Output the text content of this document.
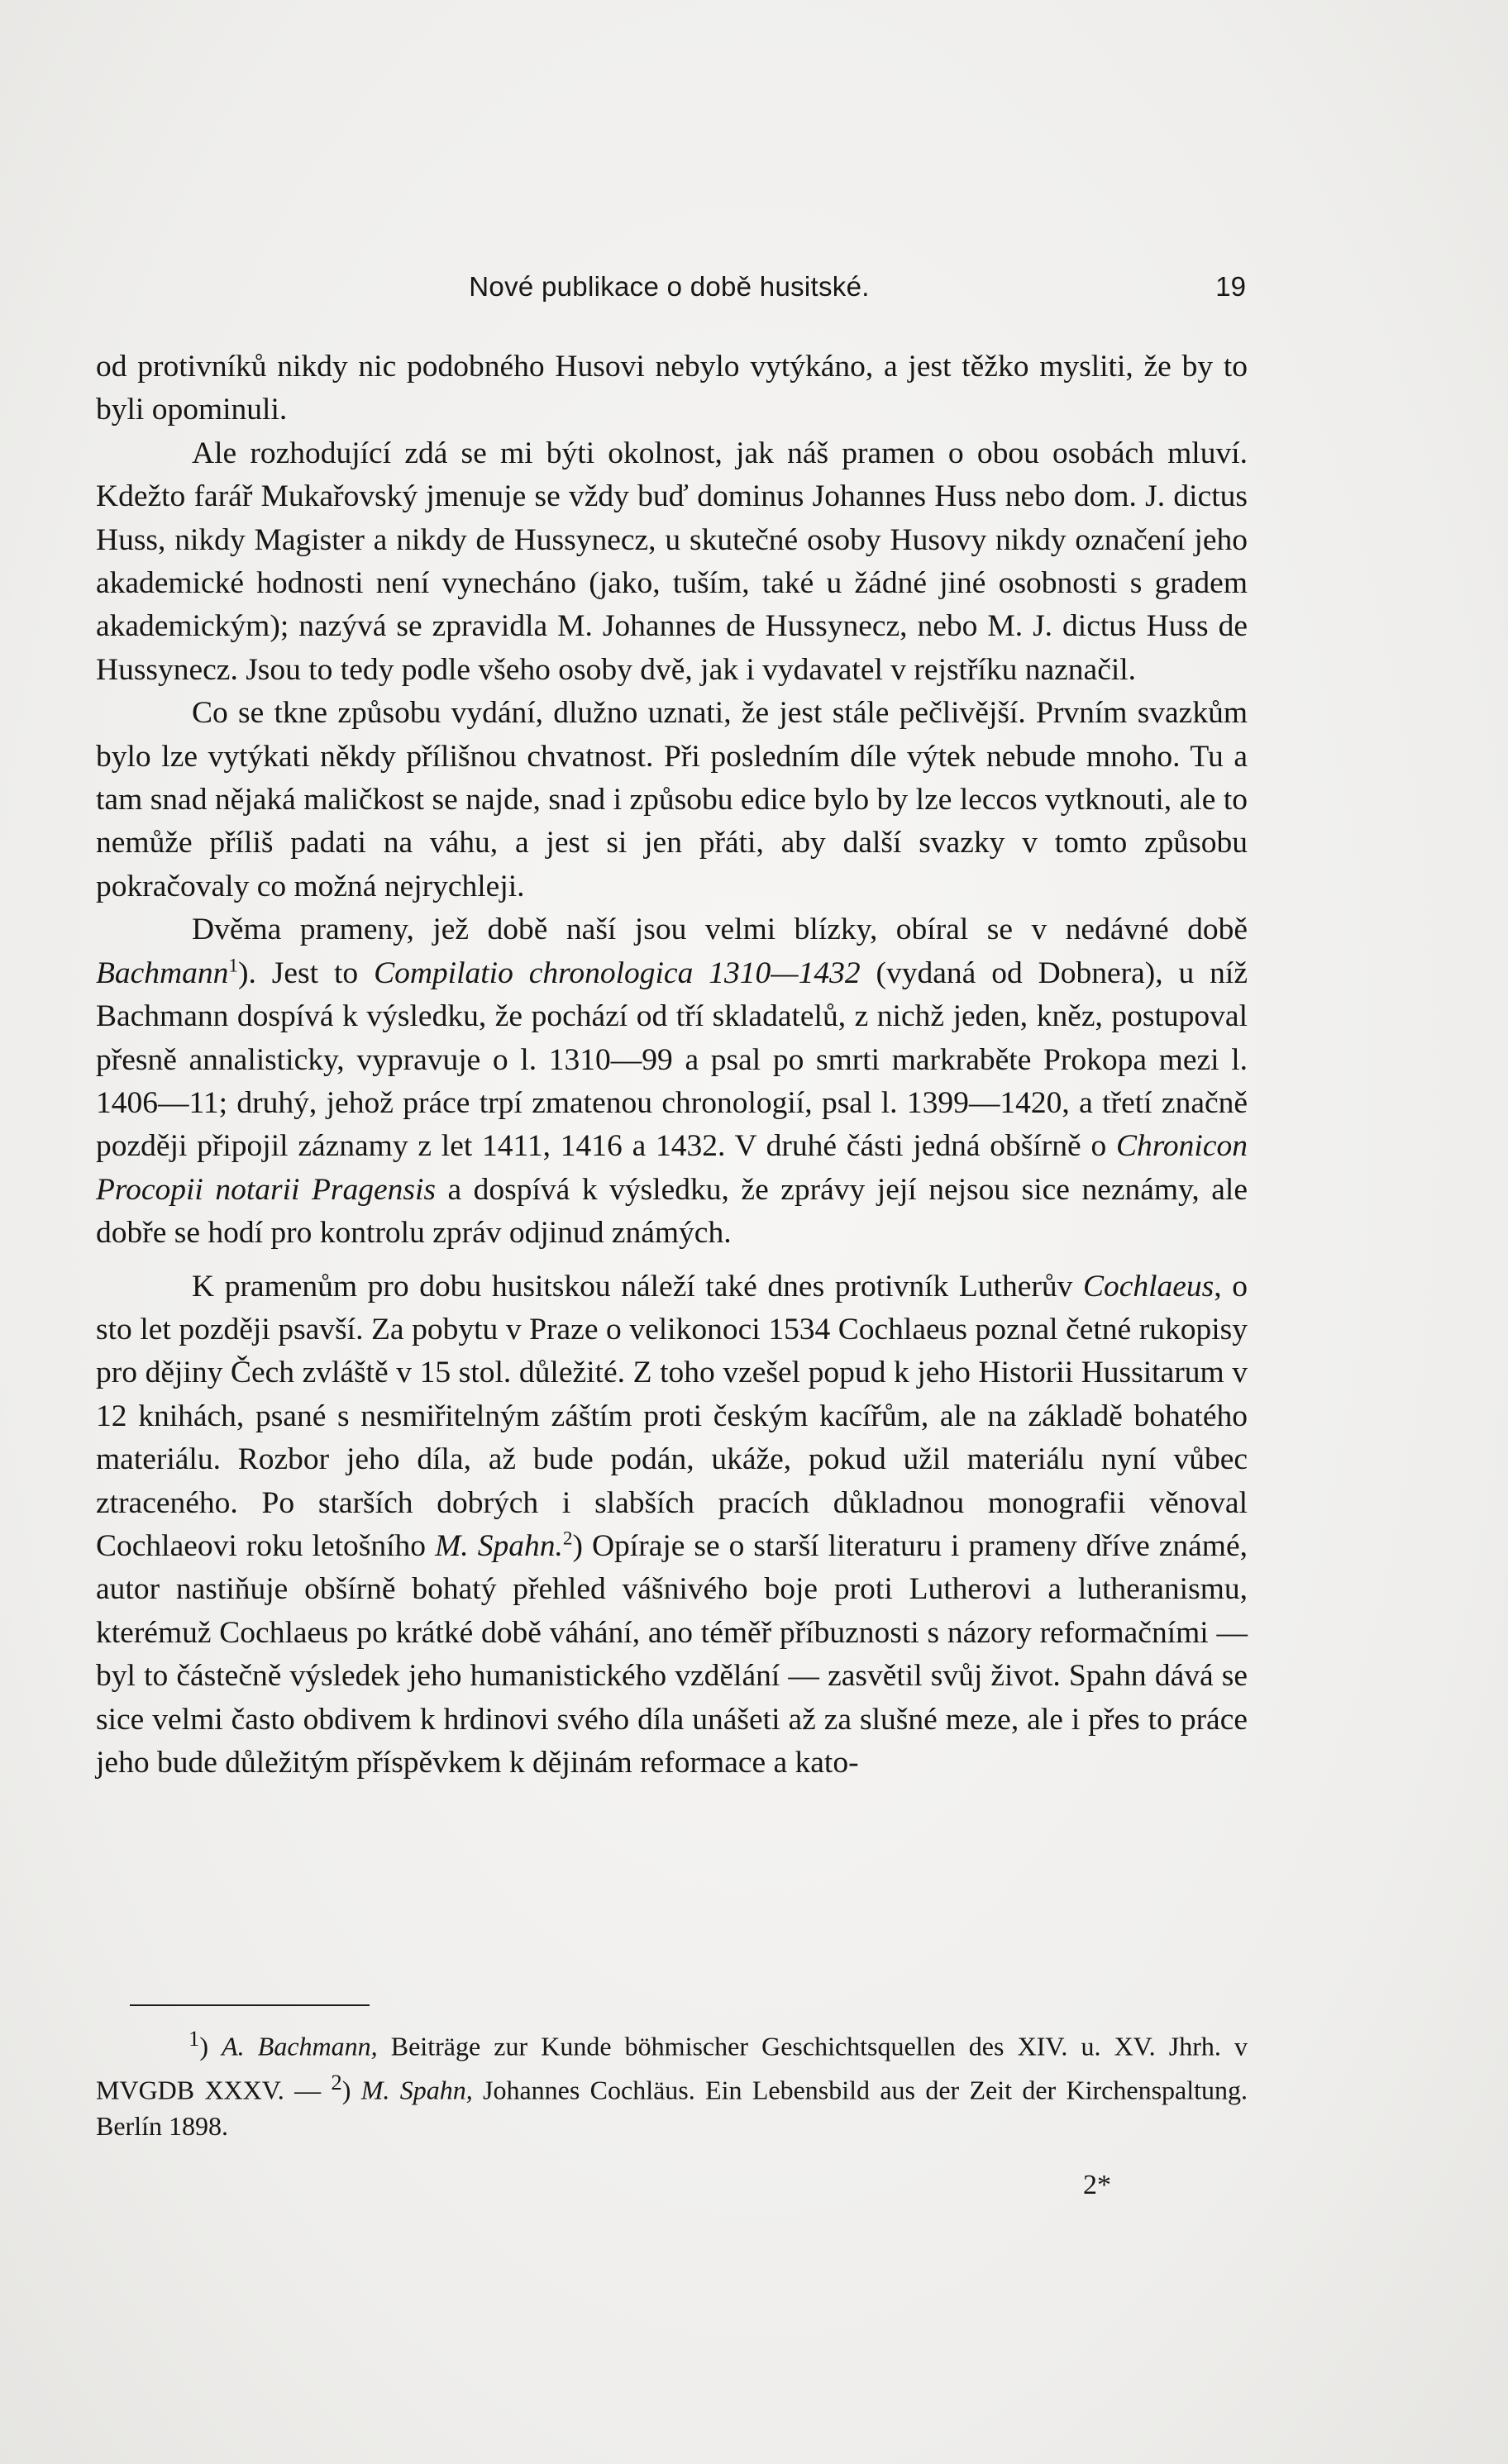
Nové publikace o době husitské.	19

od protivníků nikdy nic podobného Husovi nebylo vytýkáno, a jest těžko mysliti, že by to byli opominuli.

Ale rozhodující zdá se mi býti okolnost, jak náš pramen o obou osobách mluví. Kdežto farář Mukařovský jmenuje se vždy buď dominus Johannes Huss nebo dom. J. dictus Huss, nikdy Magister a nikdy de Hussynecz, u skutečné osoby Husovy nikdy označení jeho akademické hodnosti není vynecháno (jako, tuším, také u žádné jiné osobnosti s gradem akademickým); nazývá se zpravidla M. Johannes de Hussynecz, nebo M. J. dictus Huss de Hussynecz. Jsou to tedy podle všeho osoby dvě, jak i vydavatel v rejstříku naznačil.

Co se tkne způsobu vydání, dlužno uznati, že jest stále pečlivější. Prvním svazkům bylo lze vytýkati někdy přílišnou chvatnost. Při posledním díle výtek nebude mnoho. Tu a tam snad nějaká maličkost se najde, snad i způsobu edice bylo by lze leccos vytknouti, ale to nemůže příliš padati na váhu, a jest si jen přáti, aby další svazky v tomto způsobu pokračovaly co možná nejrychleji.

Dvěma prameny, jež době naší jsou velmi blízky, obíral se v nedávné době Bachmann$^1$). Jest to Compilatio chronologica 1310—1432 (vydaná od Dobnera), u níž Bachmann dospívá k výsledku, že pochází od tří skladatelů, z nichž jeden, kněz, postupoval přesně annalisticky, vypravuje o l. 1310—99 a psal po smrti markraběte Prokopa mezi l. 1406—11; druhý, jehož práce trpí zmatenou chronologií, psal l. 1399—1420, a třetí značně později připojil záznamy z let 1411, 1416 a 1432. V druhé části jedná obšírně o Chronicon Procopii notarii Pragensis a dospívá k výsledku, že zprávy její nejsou sice neznámy, ale dobře se hodí pro kontrolu zpráv odjinud známých.

K pramenům pro dobu husitskou náleží také dnes protivník Lutherův Cochlaeus, o sto let později psavší. Za pobytu v Praze o velikonoci 1534 Cochlaeus poznal četné rukopisy pro dějiny Čech zvláště v 15 stol. důležité. Z toho vzešel popud k jeho Historii Hussitarum v 12 knihách, psané s nesmiřitelným záštím proti českým kacířům, ale na základě bohatého materiálu. Rozbor jeho díla, až bude podán, ukáže, pokud užil materiálu nyní vůbec ztraceného. Po starších dobrých i slabších pracích důkladnou monografii věnoval Cochlaeovi roku letošního M. Spahn.$^2$) Opíraje se o starší literaturu i prameny dříve známé, autor nastiňuje obšírně bohatý přehled vášnivého boje proti Lutherovi a lutheranismu, kterémuž Cochlaeus po krátké době váhání, ano téměř příbuznosti s názory reformačními — byl to částečně výsledek jeho humanistického vzdělání — zasvětil svůj život. Spahn dává se sice velmi často obdivem k hrdinovi svého díla unášeti až za slušné meze, ale i přes to práce jeho bude důležitým příspěvkem k dějinám reformace a kato-

$^1$) A. Bachmann, Beiträge zur Kunde böhmischer Geschichtsquellen des XIV. u. XV. Jhrh. v MVGDB XXXV. — $^2$) M. Spahn, Johannes Cochläus. Ein Lebensbild aus der Zeit der Kirchenspaltung. Berlín 1898.

2*
